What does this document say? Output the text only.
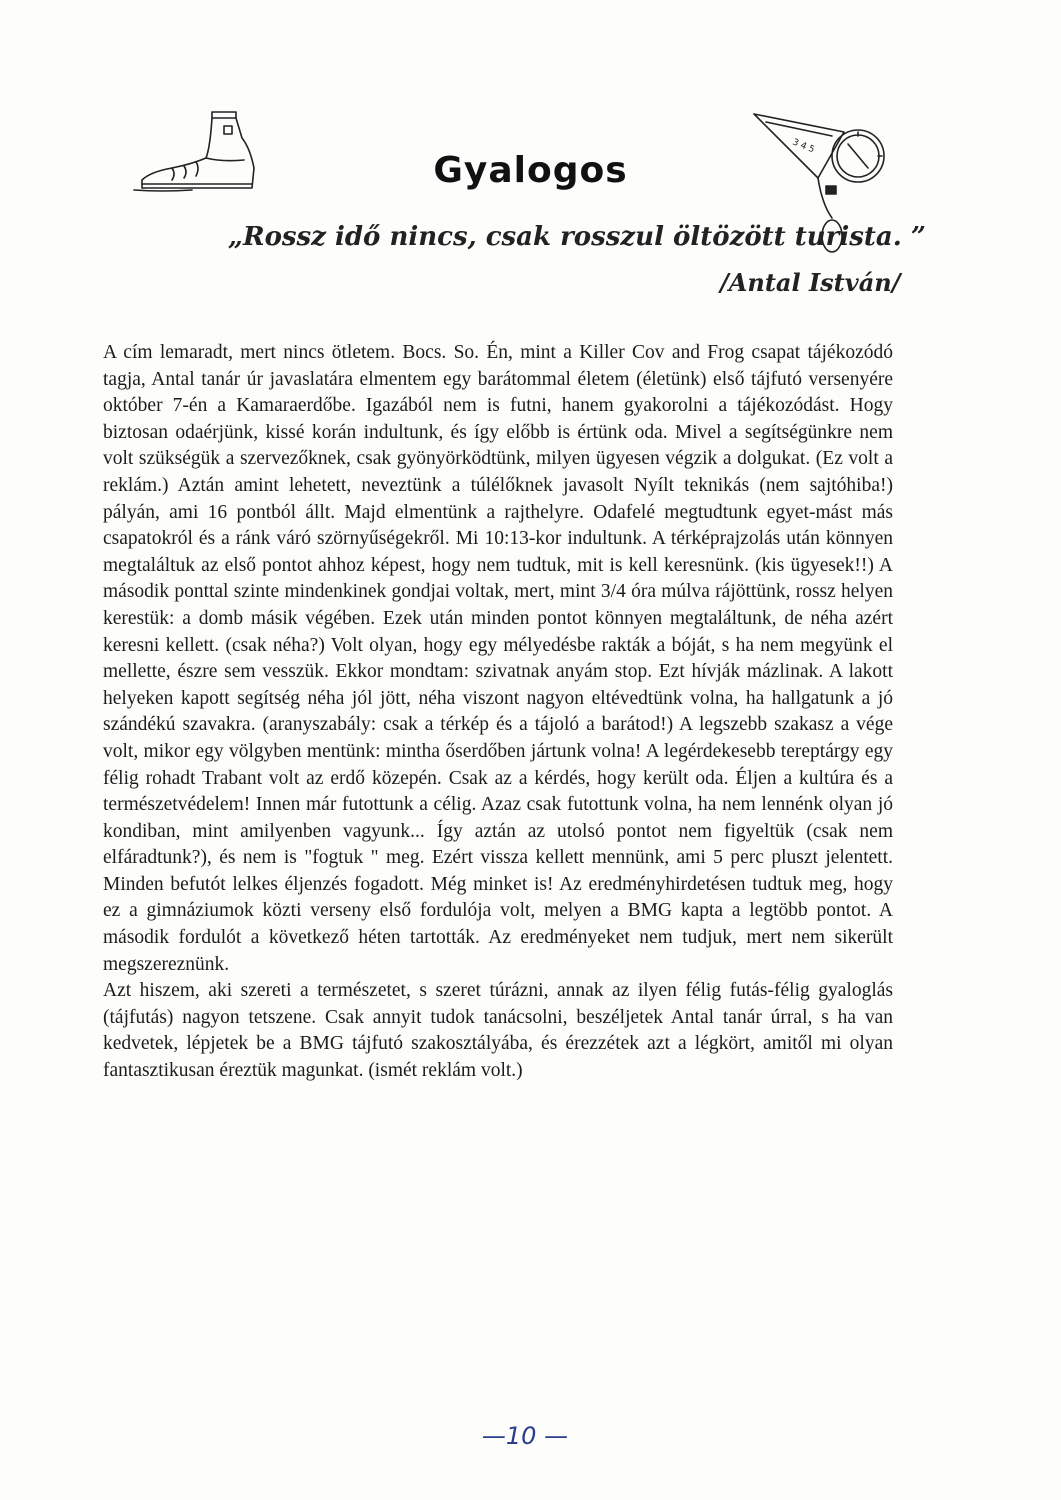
3 4 5
Gyalogos
„Rossz idő nincs, csak rosszul öltözött turista. ”
/Antal István/

A cím lemaradt, mert nincs ötletem. Bocs. So. Én, mint a Killer Cov and Frog csapat tájékozódó tagja, Antal tanár úr javaslatára elmentem egy barátommal életem (életünk) első tájfutó versenyére október 7-én a Kamaraerdőbe. Igazából nem is futni, hanem gyakorolni a tájékozódást. Hogy biztosan odaérjünk, kissé korán indultunk, és így előbb is értünk oda. Mivel a segítségünkre nem volt szükségük a szervezőknek, csak gyönyörködtünk, milyen ügyesen végzik a dolgukat. (Ez volt a reklám.) Aztán amint lehetett, neveztünk a túlélőknek javasolt Nyílt teknikás (nem sajtóhiba!) pályán, ami 16 pontból állt. Majd elmentünk a rajthelyre. Odafelé megtudtunk egyet-mást más csapatokról és a ránk váró szörnyűségekről. Mi 10:13-kor indultunk. A térképrajzolás után könnyen megtaláltuk az első pontot ahhoz képest, hogy nem tudtuk, mit is kell keresnünk. (kis ügyesek!!) A második ponttal szinte mindenkinek gondjai voltak, mert, mint 3/4 óra múlva rájöttünk, rossz helyen kerestük: a domb másik végében. Ezek után minden pontot könnyen megtaláltunk, de néha azért keresni kellett. (csak néha?) Volt olyan, hogy egy mélyedésbe rakták a bóját, s ha nem megyünk el mellette, észre sem vesszük. Ekkor mondtam: szivatnak anyám stop. Ezt hívják mázlinak. A lakott helyeken kapott segítség néha jól jött, néha viszont nagyon eltévedtünk volna, ha hallgatunk a jó szándékú szavakra. (aranyszabály: csak a térkép és a tájoló a barátod!) A legszebb szakasz a vége volt, mikor egy völgyben mentünk: mintha őserdőben jártunk volna! A legérdekesebb tereptárgy egy félig rohadt Trabant volt az erdő közepén. Csak az a kérdés, hogy került oda. Éljen a kultúra és a természetvédelem! Innen már futottunk a célig. Azaz csak futottunk volna, ha nem lennénk olyan jó kondiban, mint amilyenben vagyunk... Így aztán az utolsó pontot nem figyeltük (csak nem elfáradtunk?), és nem is "fogtuk " meg. Ezért vissza kellett mennünk, ami 5 perc pluszt jelentett. Minden befutót lelkes éljenzés fogadott. Még minket is! Az eredményhirdetésen tudtuk meg, hogy ez a gimnáziumok közti verseny első fordulója volt, melyen a BMG kapta a legtöbb pontot. A második fordulót a következő héten tartották. Az eredményeket nem tudjuk, mert nem sikerült megszereznünk.

Azt hiszem, aki szereti a természetet, s szeret túrázni, annak az ilyen félig futás-félig gyaloglás (tájfutás) nagyon tetszene. Csak annyit tudok tanácsolni, beszéljetek Antal tanár úrral, s ha van kedvetek, lépjetek be a BMG tájfutó szakosztályába, és érezzétek azt a légkört, amitől mi olyan fantasztikusan éreztük magunkat. (ismét reklám volt.)

—10 —
